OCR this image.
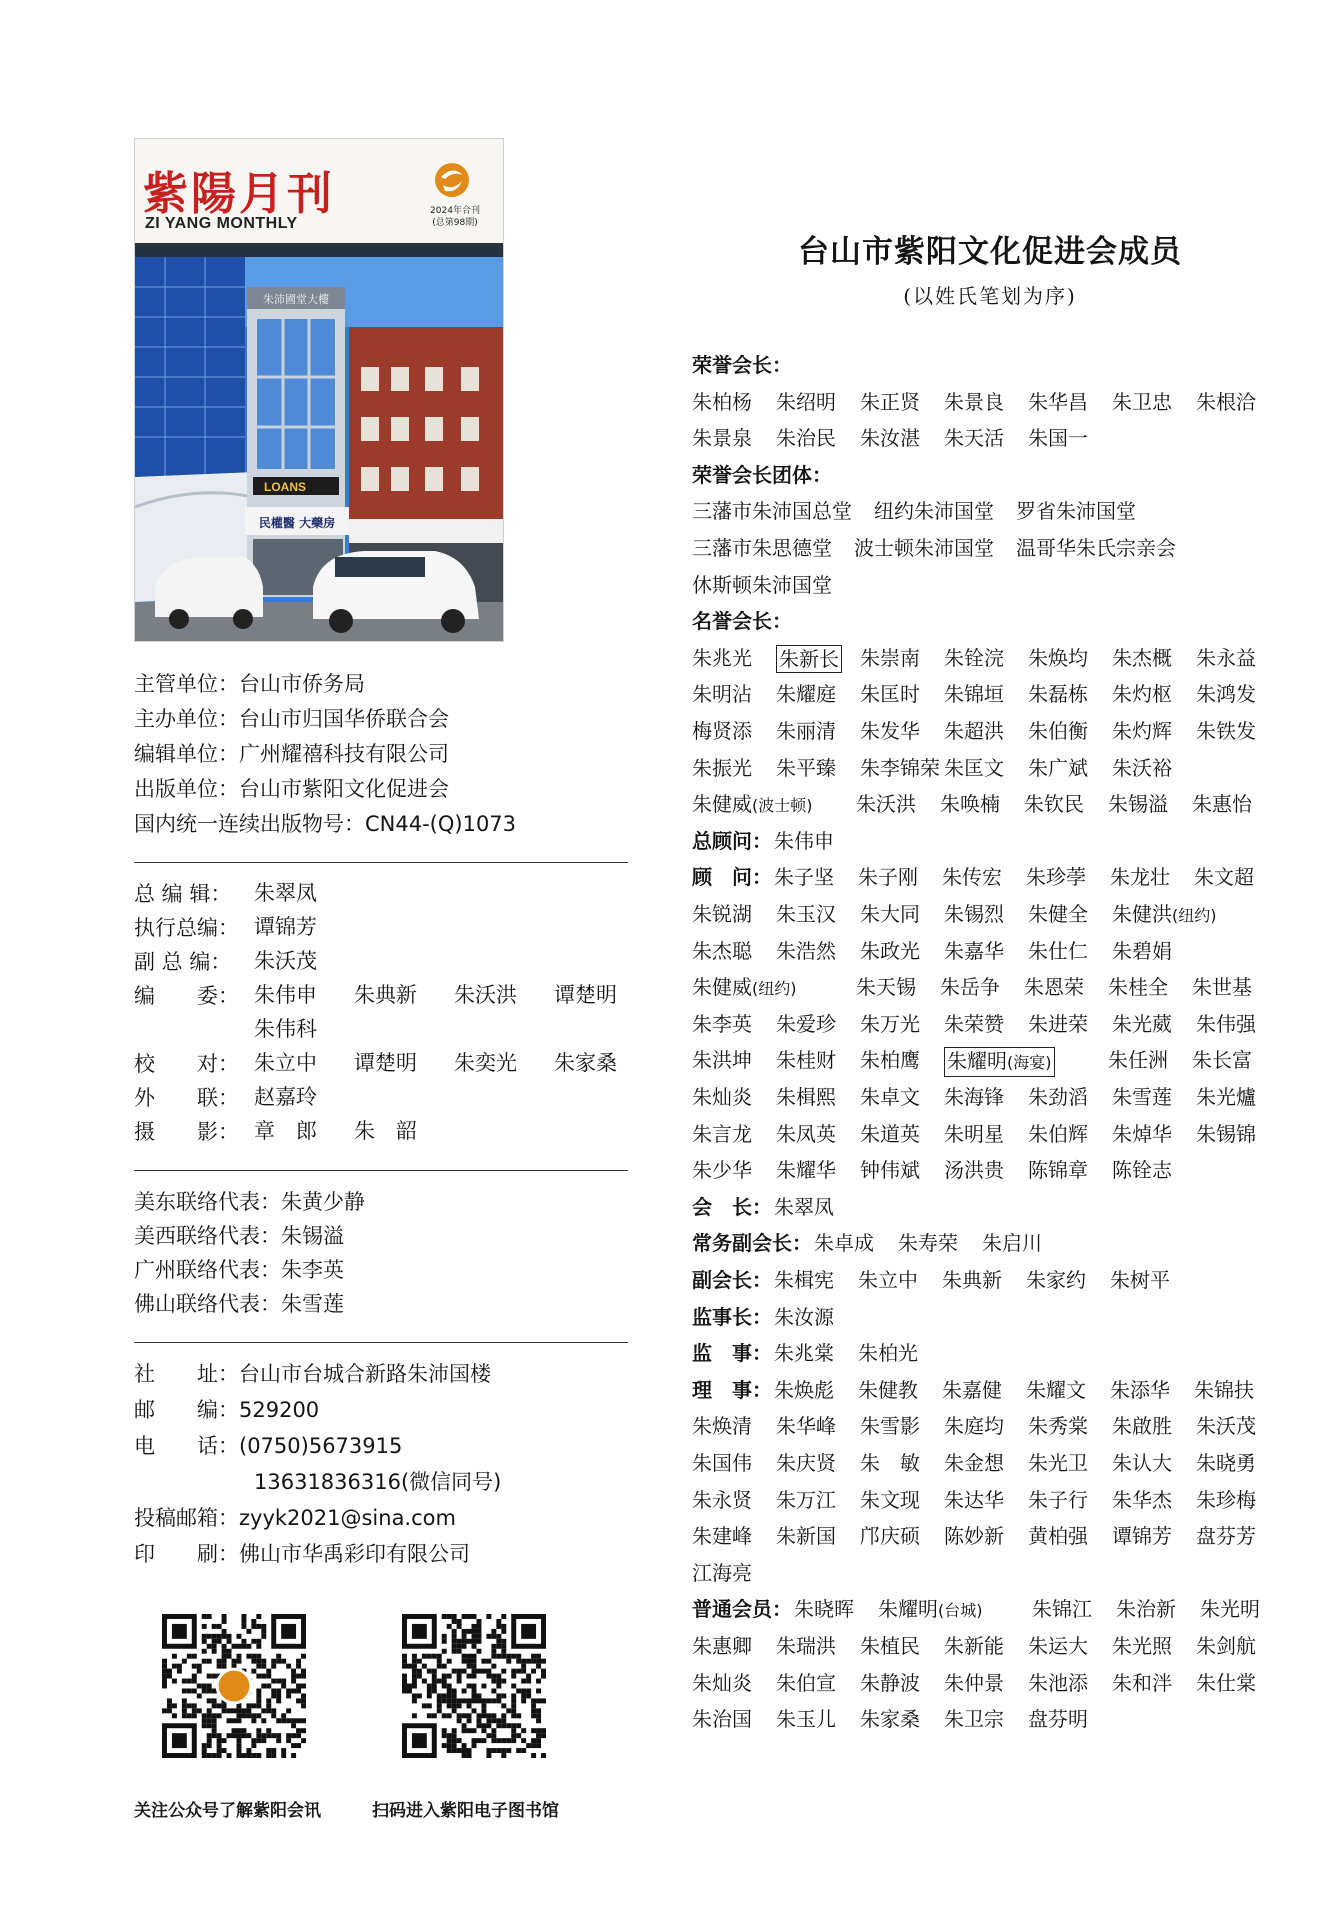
紫陽月刊
ZI YANG MONTHLY
2024年合刊
(总第98期)
朱沛國堂大樓
LOANS
民權醫 大藥房
主管单位：台山市侨务局
主办单位：台山市归国华侨联合会
编辑单位：广州耀禧科技有限公司
出版单位：台山市紫阳文化促进会
国内统一连续出版物号：CN44-(Q)1073
总 编 辑： 朱翠凤
执行总编： 谭锦芳
副 总 编： 朱沃茂
编　　委： 朱伟申 朱典新 朱沃洪 谭楚明
朱伟科
校　　对： 朱立中 谭楚明 朱奕光 朱家桑
外　　联： 赵嘉玲
摄　　影： 章　郎 朱　韶
美东联络代表：朱黄少静
美西联络代表：朱锡溢
广州联络代表：朱李英
佛山联络代表：朱雪莲
社　　址：台山市台城合新路朱沛国楼
邮　　编：529200
电　　话：(0750)5673915
13631836316(微信同号)
投稿邮箱：zyyk2021@sina.com
印　　刷：佛山市华禹彩印有限公司
关注公众号了解紫阳会讯	扫码进入紫阳电子图书馆
台山市紫阳文化促进会成员
(以姓氏笔划为序)
荣誉会长：
朱柏杨 朱绍明 朱正贤 朱景良 朱华昌 朱卫忠 朱根洽
朱景泉 朱治民 朱汝湛 朱天活 朱国一
荣誉会长团体：
三藩市朱沛国总堂 纽约朱沛国堂 罗省朱沛国堂
三藩市朱思德堂 波士顿朱沛国堂 温哥华朱氏宗亲会
休斯顿朱沛国堂
名誉会长：
朱兆光 朱新长 朱崇南 朱铨浣 朱焕均 朱杰概 朱永益
朱明沾 朱耀庭 朱匡时 朱锦垣 朱磊栋 朱灼枢 朱鸿发
梅贤添 朱丽清 朱发华 朱超洪 朱伯衡 朱灼辉 朱铁发
朱振光 朱平臻 朱李锦荣 朱匡文 朱广斌 朱沃裕
朱健威(波士顿) 朱沃洪 朱唤楠 朱钦民 朱锡溢 朱惠怡
总顾问： 朱伟申
顾　问： 朱子坚 朱子刚 朱传宏 朱珍荸 朱龙壮 朱文超
朱锐湖 朱玉汉 朱大同 朱锡烈 朱健全 朱健洪(纽约)
朱杰聪 朱浩然 朱政光 朱嘉华 朱仕仁 朱碧娟
朱健威(纽约)	朱天锡 朱岳争 朱恩荣 朱桂全 朱世基
朱李英 朱爱珍 朱万光 朱荣赞 朱进荣 朱光葳 朱伟强
朱洪坤 朱桂财 朱柏鹰 朱耀明(海宴)	朱任洲 朱长富
朱灿炎 朱楫熙 朱卓文 朱海锋 朱劲滔 朱雪莲 朱光爐
朱言龙 朱凤英 朱道英 朱明星 朱伯辉 朱焯华 朱锡锦
朱少华 朱耀华 钟伟斌 汤洪贵 陈锦章 陈铨志
会　长： 朱翠凤
常务副会长： 朱卓成 朱寿荣 朱启川
副会长： 朱楫宪 朱立中 朱典新 朱家约 朱树平
监事长： 朱汝源
监　事： 朱兆棠 朱柏光
理　事： 朱焕彪 朱健教 朱嘉健 朱耀文 朱添华 朱锦扶
朱焕清 朱华峰 朱雪影 朱庭均 朱秀棠 朱啟胜 朱沃茂
朱国伟 朱庆贤 朱　敏 朱金想 朱光卫 朱认大 朱晓勇
朱永贤 朱万江 朱文现 朱达华 朱子行 朱华杰 朱珍梅
朱建峰 朱新国 邝庆硕 陈妙新 黄柏强 谭锦芳 盘芬芳
江海亮
普通会员： 朱晓晖 朱耀明(台城) 朱锦江 朱治新 朱光明
朱惠卿 朱瑞洪 朱植民 朱新能 朱运大 朱光照 朱剑航
朱灿炎 朱伯宣 朱静波 朱仲景 朱池添 朱和泮 朱仕棠
朱治国 朱玉儿 朱家桑 朱卫宗 盘芬明
